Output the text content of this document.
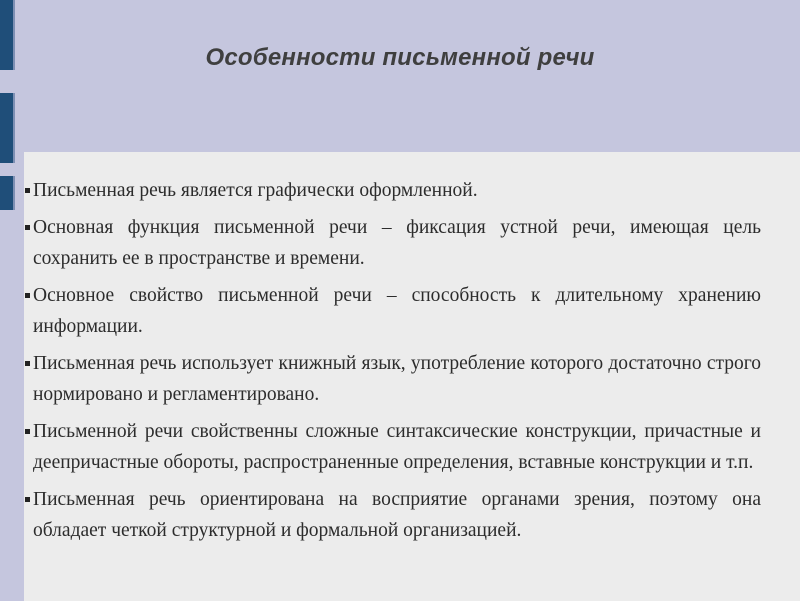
Особенности письменной речи
Письменная речь является графически оформленной.
Основная функция письменной речи – фиксация устной речи, имеющая цель сохранить ее в пространстве и времени.
Основное свойство письменной речи – способность к длительному хранению информации.
Письменная речь использует книжный язык, употребление которого достаточно строго нормировано и регламентировано.
Письменной речи свойственны сложные синтаксические конструкции, причастные и деепричастные обороты, распространенные определения, вставные конструкции и т.п.
Письменная речь ориентирована на восприятие органами зрения, поэтому она обладает четкой структурной и формальной организацией.
